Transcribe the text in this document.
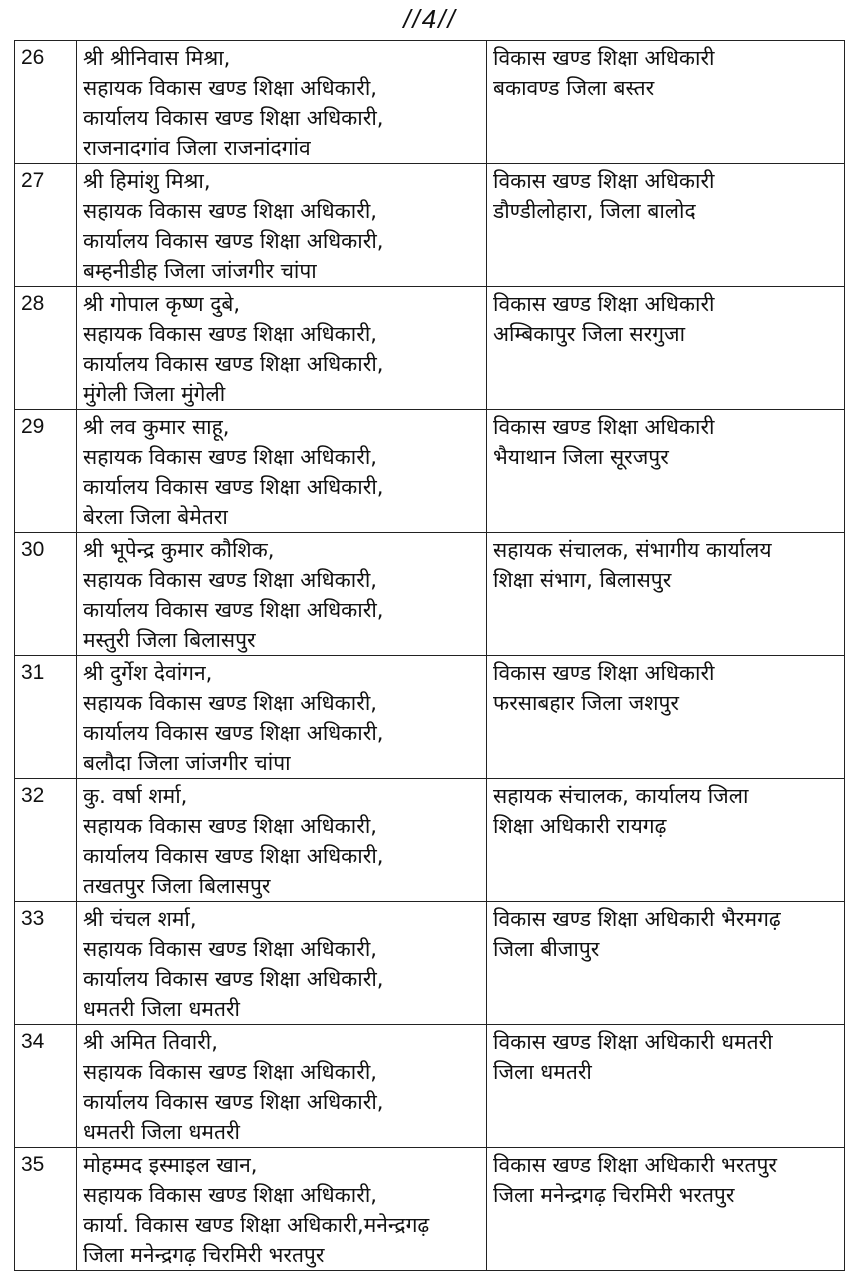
//4//
26	श्री श्रीनिवास मिश्रा,
सहायक विकास खण्ड शिक्षा अधिकारी,
कार्यालय विकास खण्ड शिक्षा अधिकारी,
राजनादगांव जिला राजनांदगांव	विकास खण्ड शिक्षा अधिकारी
बकावण्ड जिला बस्तर

27	श्री हिमांशु मिश्रा,
सहायक विकास खण्ड शिक्षा अधिकारी,
कार्यालय विकास खण्ड शिक्षा अधिकारी,
बम्हनीडीह जिला जांजगीर चांपा	विकास खण्ड शिक्षा अधिकारी
डौण्डीलोहारा, जिला बालोद

28	श्री गोपाल कृष्ण दुबे,
सहायक विकास खण्ड शिक्षा अधिकारी,
कार्यालय विकास खण्ड शिक्षा अधिकारी,
मुंगेली जिला मुंगेली	विकास खण्ड शिक्षा अधिकारी
अम्बिकापुर जिला सरगुजा

29	श्री लव कुमार साहू,
सहायक विकास खण्ड शिक्षा अधिकारी,
कार्यालय विकास खण्ड शिक्षा अधिकारी,
बेरला जिला बेमेतरा	विकास खण्ड शिक्षा अधिकारी
भैयाथान जिला सूरजपुर

30	श्री भूपेन्द्र कुमार कौशिक,
सहायक विकास खण्ड शिक्षा अधिकारी,
कार्यालय विकास खण्ड शिक्षा अधिकारी,
मस्तुरी जिला बिलासपुर	सहायक संचालक, संभागीय कार्यालय
शिक्षा संभाग, बिलासपुर

31	श्री दुर्गेश देवांगन,
सहायक विकास खण्ड शिक्षा अधिकारी,
कार्यालय विकास खण्ड शिक्षा अधिकारी,
बलौदा जिला जांजगीर चांपा	विकास खण्ड शिक्षा अधिकारी
फरसाबहार जिला जशपुर

32	कु. वर्षा शर्मा,
सहायक विकास खण्ड शिक्षा अधिकारी,
कार्यालय विकास खण्ड शिक्षा अधिकारी,
तखतपुर जिला बिलासपुर	सहायक संचालक, कार्यालय जिला
शिक्षा अधिकारी रायगढ़

33	श्री चंचल शर्मा,
सहायक विकास खण्ड शिक्षा अधिकारी,
कार्यालय विकास खण्ड शिक्षा अधिकारी,
धमतरी जिला धमतरी	विकास खण्ड शिक्षा अधिकारी भैरमगढ़
जिला बीजापुर

34	श्री अमित तिवारी,
सहायक विकास खण्ड शिक्षा अधिकारी,
कार्यालय विकास खण्ड शिक्षा अधिकारी,
धमतरी जिला धमतरी	विकास खण्ड शिक्षा अधिकारी धमतरी
जिला धमतरी

35	मोहम्मद इस्माइल खान,
सहायक विकास खण्ड शिक्षा अधिकारी,
कार्या. विकास खण्ड शिक्षा अधिकारी,मनेन्द्रगढ़
जिला मनेन्द्रगढ़ चिरमिरी भरतपुर	विकास खण्ड शिक्षा अधिकारी भरतपुर
जिला मनेन्द्रगढ़ चिरमिरी भरतपुर
